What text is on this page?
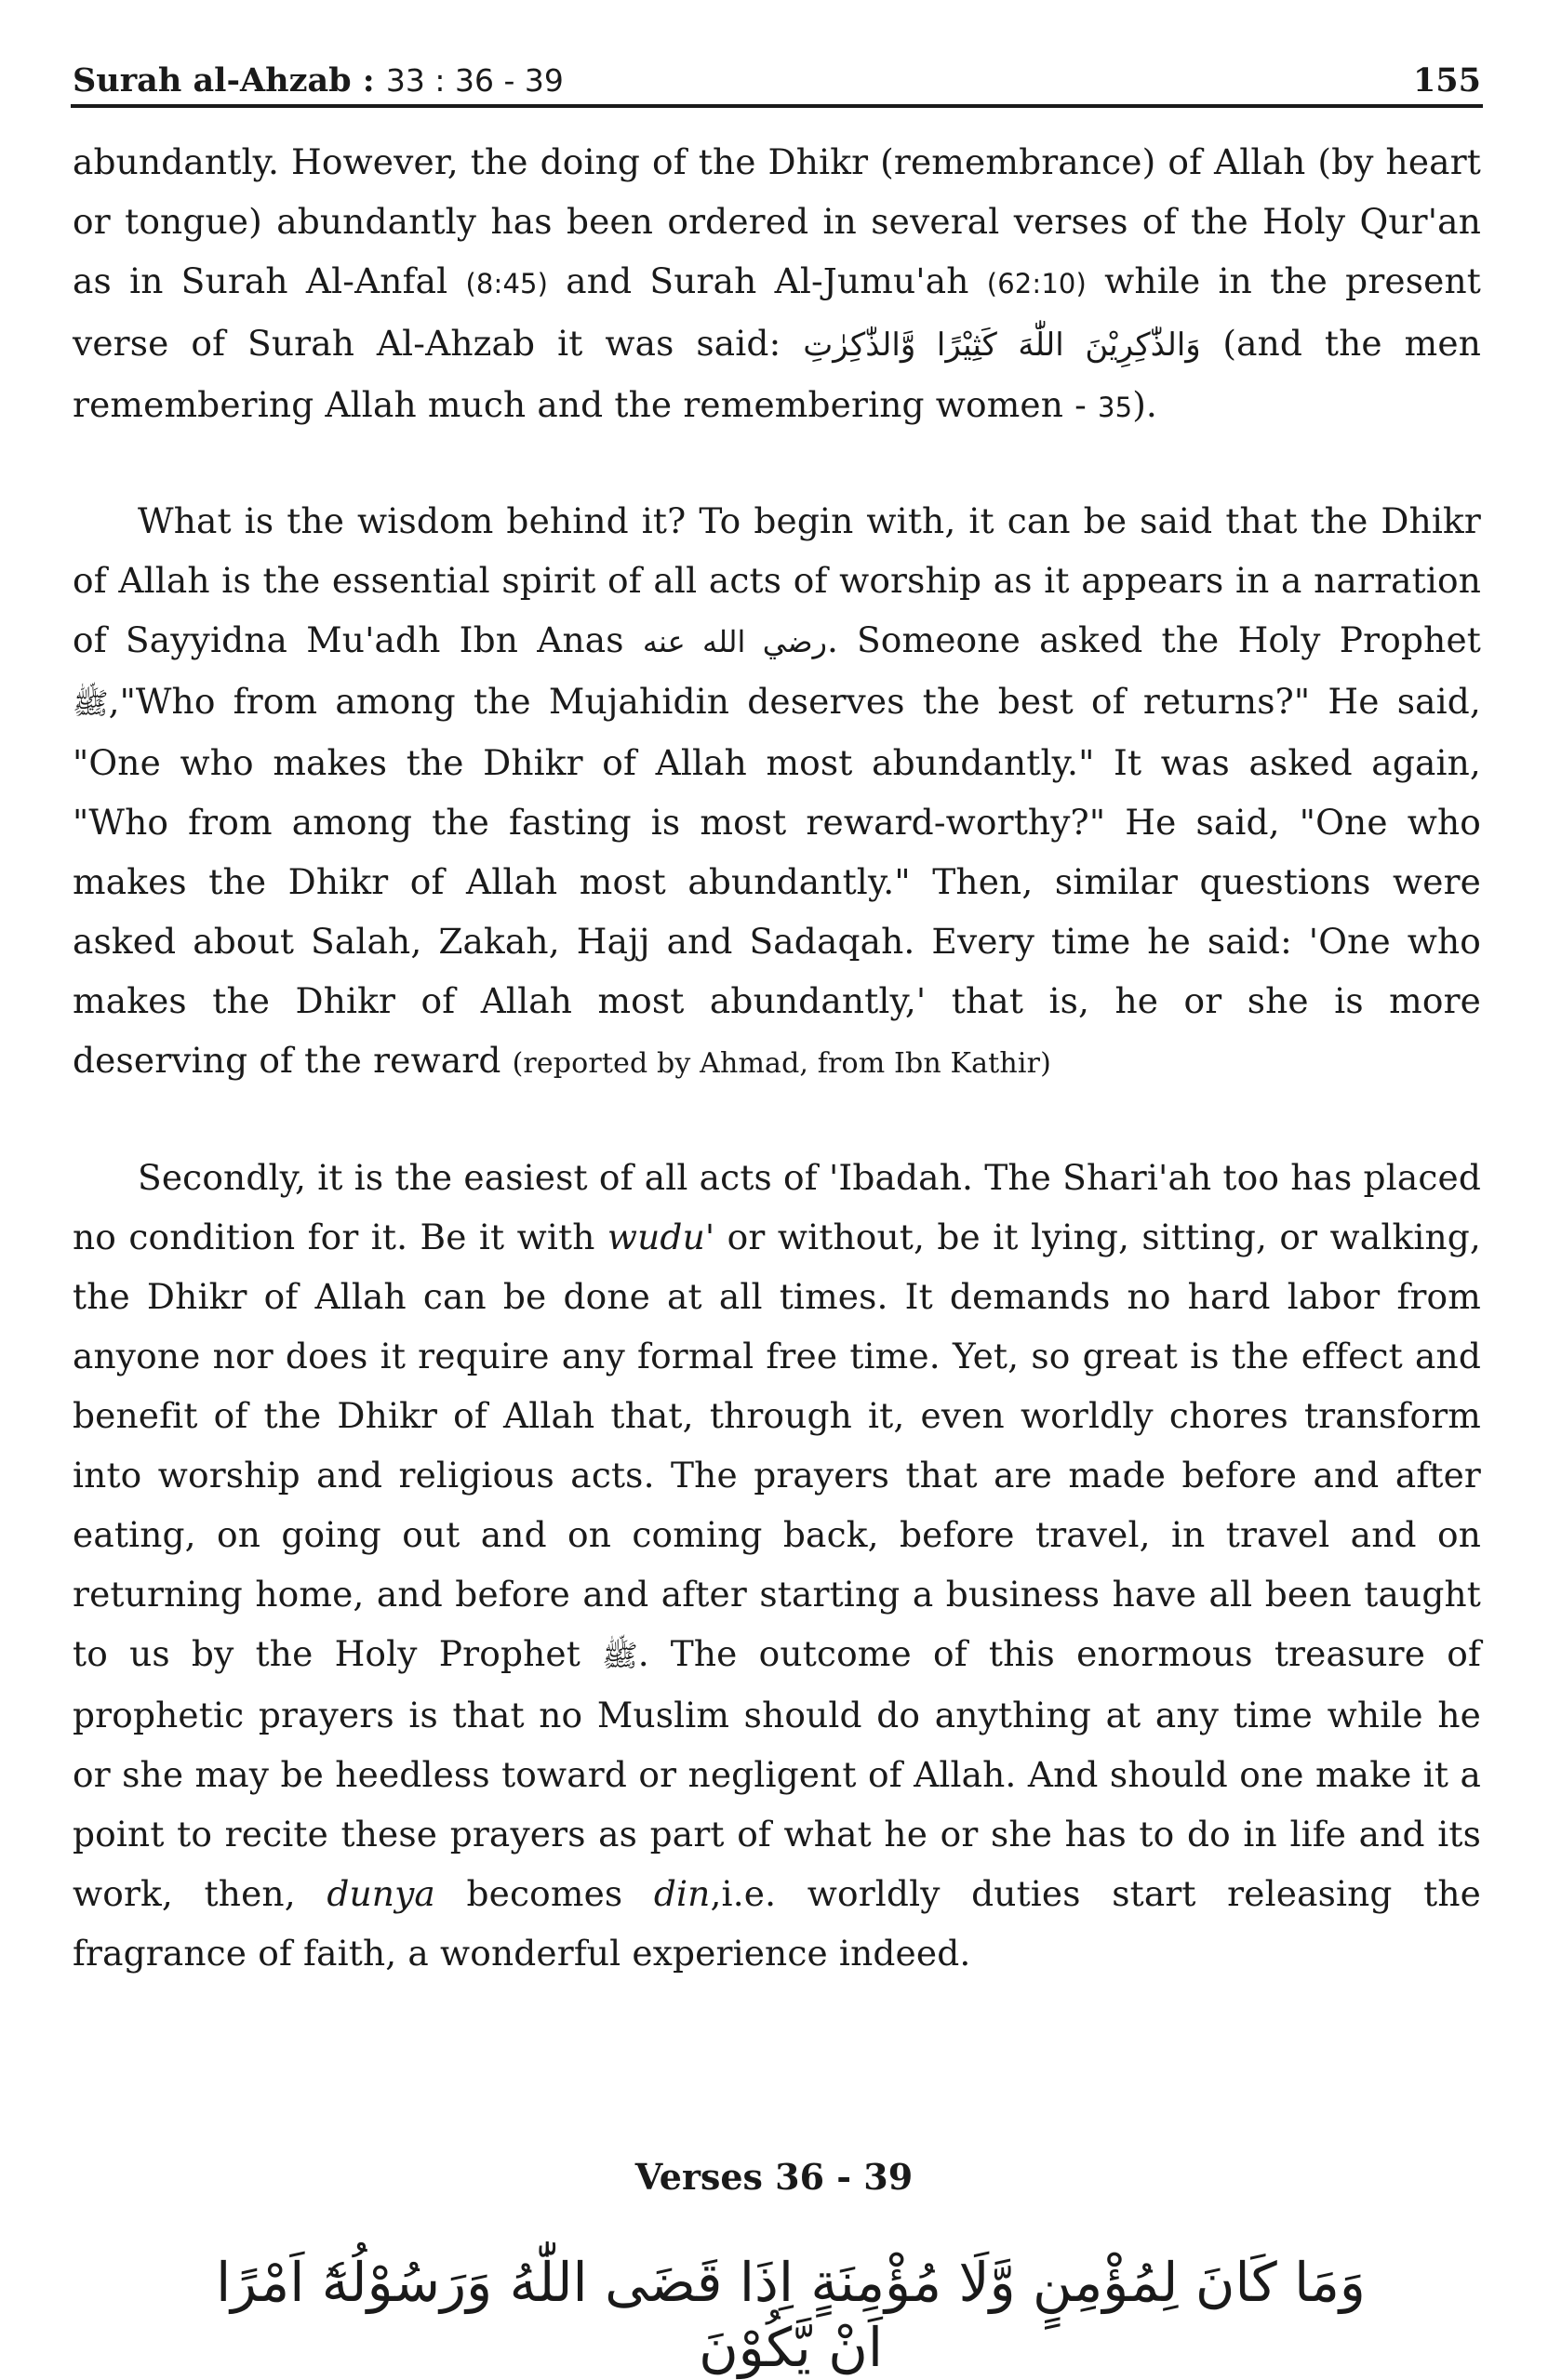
Surah al-Ahzab : 33 : 36 - 39	155

abundantly. However, the doing of the Dhikr (remembrance) of Allah (by heart or tongue) abundantly has been ordered in several verses of the Holy Qur'an as in Surah Al-Anfal (8:45) and Surah Al-Jumu'ah (62:10) while in the present verse of Surah Al-Ahzab it was said: وَالذّٰكِرِيْنَ اللّٰهَ كَثِيْرًا وَّالذّٰكِرٰتِ (and the men remembering Allah much and the remembering women - 35).

What is the wisdom behind it? To begin with, it can be said that the Dhikr of Allah is the essential spirit of all acts of worship as it appears in a narration of Sayyidna Mu'adh Ibn Anas رضي الله عنه. Someone asked the Holy Prophet ﷺ,"Who from among the Mujahidin deserves the best of returns?" He said, "One who makes the Dhikr of Allah most abundantly." It was asked again, "Who from among the fasting is most reward-worthy?" He said, "One who makes the Dhikr of Allah most abundantly." Then, similar questions were asked about Salah, Zakah, Hajj and Sadaqah. Every time he said: 'One who makes the Dhikr of Allah most abundantly,' that is, he or she is more deserving of the reward (reported by Ahmad, from Ibn Kathir)

Secondly, it is the easiest of all acts of 'Ibadah. The Shari'ah too has placed no condition for it. Be it with wudu' or without, be it lying, sitting, or walking, the Dhikr of Allah can be done at all times. It demands no hard labor from anyone nor does it require any formal free time. Yet, so great is the effect and benefit of the Dhikr of Allah that, through it, even worldly chores transform into worship and religious acts. The prayers that are made before and after eating, on going out and on coming back, before travel, in travel and on returning home, and before and after starting a business have all been taught to us by the Holy Prophet ﷺ. The outcome of this enormous treasure of prophetic prayers is that no Muslim should do anything at any time while he or she may be heedless toward or negligent of Allah. And should one make it a point to recite these prayers as part of what he or she has to do in life and its work, then, dunya becomes din,i.e. worldly duties start releasing the fragrance of faith, a wonderful experience indeed.

Verses 36 - 39
وَمَا كَانَ لِمُؤْمِنٍ وَّلَا مُؤْمِنَةٍ اِذَا قَضَى اللّٰهُ وَرَسُوْلُهٗٓ اَمْرًا اَنْ يَّكُوْنَ
